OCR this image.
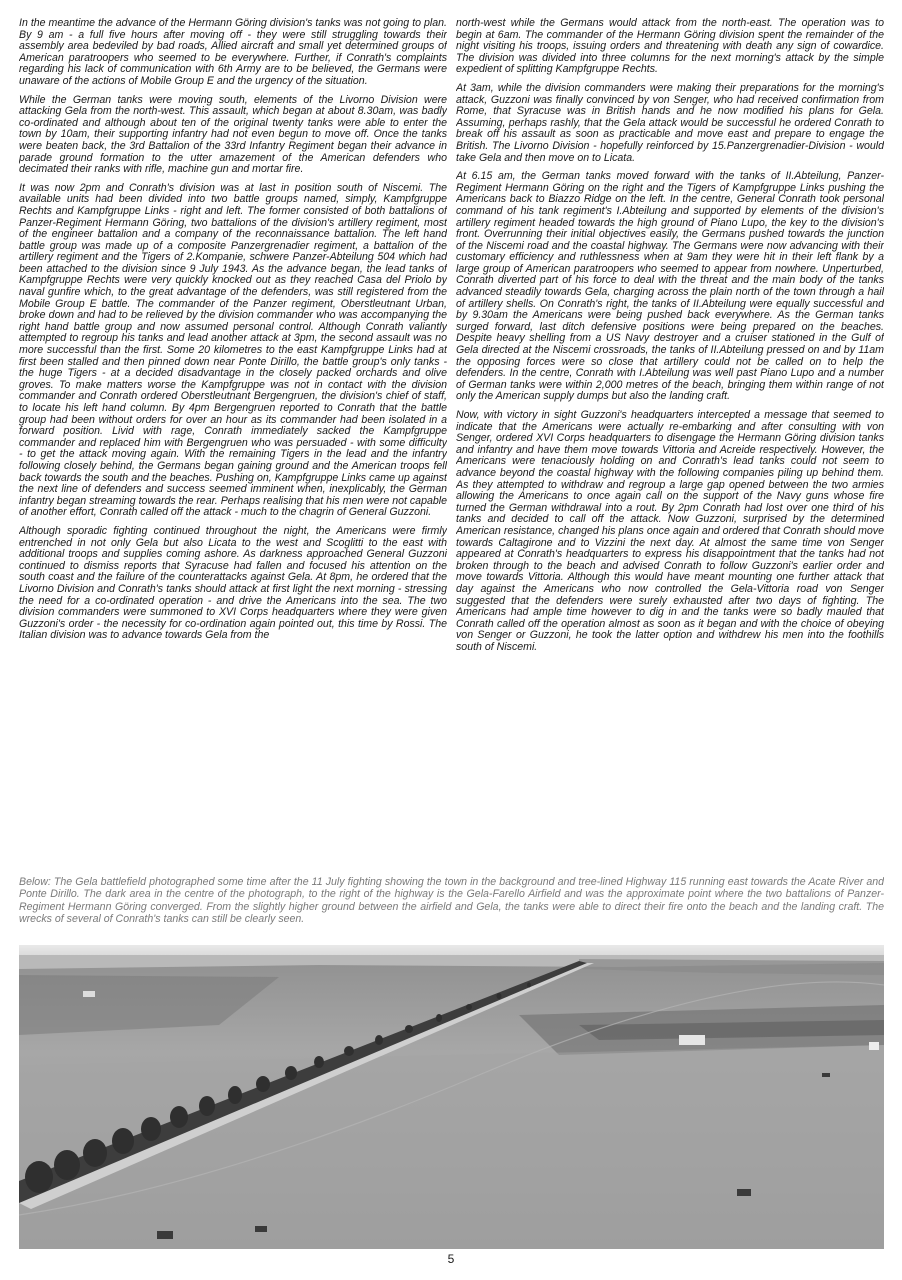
In the meantime the advance of the Hermann Göring division's tanks was not going to plan. By 9 am - a full five hours after moving off - they were still struggling towards their assembly area bedeviled by bad roads, Allied aircraft and small yet determined groups of American paratroopers who seemed to be everywhere. Further, if Conrath's complaints regarding his lack of communication with 6th Army are to be believed, the Germans were unaware of the actions of Mobile Group E and the urgency of the situation.

While the German tanks were moving south, elements of the Livorno Division were attacking Gela from the north-west. This assault, which began at about 8.30am, was badly co-ordinated and although about ten of the original twenty tanks were able to enter the town by 10am, their supporting infantry had not even begun to move off. Once the tanks were beaten back, the 3rd Battalion of the 33rd Infantry Regiment began their advance in parade ground formation to the utter amazement of the American defenders who decimated their ranks with rifle, machine gun and mortar fire.

It was now 2pm and Conrath's division was at last in position south of Niscemi. The available units had been divided into two battle groups named, simply, Kampfgruppe Rechts and Kampfgruppe Links - right and left. The former consisted of both battalions of Panzer-Regiment Hermann Göring, two battalions of the division's artillery regiment, most of the engineer battalion and a company of the reconnaissance battalion. The left hand battle group was made up of a composite Panzergrenadier regiment, a battalion of the artillery regiment and the Tigers of 2.Kompanie, schwere Panzer-Abteilung 504 which had been attached to the division since 9 July 1943. As the advance began, the lead tanks of Kampfgruppe Rechts were very quickly knocked out as they reached Casa del Priolo by naval gunfire which, to the great advantage of the defenders, was still registered from the Mobile Group E battle. The commander of the Panzer regiment, Oberstleutnant Urban, broke down and had to be relieved by the division commander who was accompanying the right hand battle group and now assumed personal control. Although Conrath valiantly attempted to regroup his tanks and lead another attack at 3pm, the second assault was no more successful than the first. Some 20 kilometres to the east Kampfgruppe Links had at first been stalled and then pinned down near Ponte Dirillo, the battle group's only tanks - the huge Tigers - at a decided disadvantage in the closely packed orchards and olive groves. To make matters worse the Kampfgruppe was not in contact with the division commander and Conrath ordered Oberstleutnant Bergengruen, the division's chief of staff, to locate his left hand column. By 4pm Bergengruen reported to Conrath that the battle group had been without orders for over an hour as its commander had been isolated in a forward position. Livid with rage, Conrath immediately sacked the Kampfgruppe commander and replaced him with Bergengruen who was persuaded - with some difficulty - to get the attack moving again. With the remaining Tigers in the lead and the infantry following closely behind, the Germans began gaining ground and the American troops fell back towards the south and the beaches. Pushing on, Kampfgruppe Links came up against the next line of defenders and success seemed imminent when, inexplicably, the German infantry began streaming towards the rear. Perhaps realising that his men were not capable of another effort, Conrath called off the attack - much to the chagrin of General Guzzoni.

Although sporadic fighting continued throughout the night, the Americans were firmly entrenched in not only Gela but also Licata to the west and Scoglitti to the east with additional troops and supplies coming ashore. As darkness approached General Guzzoni continued to dismiss reports that Syracuse had fallen and focused his attention on the south coast and the failure of the counterattacks against Gela. At 8pm, he ordered that the Livorno Division and Conrath's tanks should attack at first light the next morning - stressing the need for a co-ordinated operation - and drive the Americans into the sea. The two division commanders were summoned to XVI Corps headquarters where they were given Guzzoni's order - the necessity for co-ordination again pointed out, this time by Rossi. The Italian division was to advance towards Gela from the

north-west while the Germans would attack from the north-east. The operation was to begin at 6am. The commander of the Hermann Göring division spent the remainder of the night visiting his troops, issuing orders and threatening with death any sign of cowardice. The division was divided into three columns for the next morning's attack by the simple expedient of splitting Kampfgruppe Rechts.

At 3am, while the division commanders were making their preparations for the morning's attack, Guzzoni was finally convinced by von Senger, who had received confirmation from Rome, that Syracuse was in British hands and he now modified his plans for Gela. Assuming, perhaps rashly, that the Gela attack would be successful he ordered Conrath to break off his assault as soon as practicable and move east and prepare to engage the British. The Livorno Division - hopefully reinforced by 15.Panzergrenadier-Division - would take Gela and then move on to Licata.

At 6.15 am, the German tanks moved forward with the tanks of II.Abteilung, Panzer-Regiment Hermann Göring on the right and the Tigers of Kampfgruppe Links pushing the Americans back to Biazzo Ridge on the left. In the centre, General Conrath took personal command of his tank regiment's I.Abteilung and supported by elements of the division's artillery regiment headed towards the high ground of Piano Lupo, the key to the division's front. Overrunning their initial objectives easily, the Germans pushed towards the junction of the Niscemi road and the coastal highway. The Germans were now advancing with their customary efficiency and ruthlessness when at 9am they were hit in their left flank by a large group of American paratroopers who seemed to appear from nowhere. Unperturbed, Conrath diverted part of his force to deal with the threat and the main body of the tanks advanced steadily towards Gela, charging across the plain north of the town through a hail of artillery shells. On Conrath's right, the tanks of II.Abteilung were equally successful and by 9.30am the Americans were being pushed back everywhere. As the German tanks surged forward, last ditch defensive positions were being prepared on the beaches. Despite heavy shelling from a US Navy destroyer and a cruiser stationed in the Gulf of Gela directed at the Niscemi crossroads, the tanks of II.Abteilung pressed on and by 11am the opposing forces were so close that artillery could not be called on to help the defenders. In the centre, Conrath with I.Abteilung was well past Piano Lupo and a number of German tanks were within 2,000 metres of the beach, bringing them within range of not only the American supply dumps but also the landing craft.

Now, with victory in sight Guzzoni's headquarters intercepted a message that seemed to indicate that the Americans were actually re-embarking and after consulting with von Senger, ordered XVI Corps headquarters to disengage the Hermann Göring division tanks and infantry and have them move towards Vittoria and Acreide respectively. However, the Americans were tenaciously holding on and Conrath's lead tanks could not seem to advance beyond the coastal highway with the following companies piling up behind them. As they attempted to withdraw and regroup a large gap opened between the two armies allowing the Americans to once again call on the support of the Navy guns whose fire turned the German withdrawal into a rout. By 2pm Conrath had lost over one third of his tanks and decided to call off the attack. Now Guzzoni, surprised by the determined American resistance, changed his plans once again and ordered that Conrath should move towards Caltagirone and to Vizzini the next day. At almost the same time von Senger appeared at Conrath's headquarters to express his disappointment that the tanks had not broken through to the beach and advised Conrath to follow Guzzoni's earlier order and move towards Vittoria. Although this would have meant mounting one further attack that day against the Americans who now controlled the Gela-Vittoria road von Senger suggested that the defenders were surely exhausted after two days of fighting. The Americans had ample time however to dig in and the tanks were so badly mauled that Conrath called off the operation almost as soon as it began and with the choice of obeying von Senger or Guzzoni, he took the latter option and withdrew his men into the foothills south of Niscemi.

Below: The Gela battlefield photographed some time after the 11 July fighting showing the town in the background and tree-lined Highway 115 running east towards the Acate River and Ponte Dirillo. The dark area in the centre of the photograph, to the right of the highway is the Gela-Farello Airfield and was the approximate point where the two battalions of Panzer-Regiment Hermann Göring converged. From the slightly higher ground between the airfield and Gela, the tanks were able to direct their fire onto the beach and the landing craft. The wrecks of several of Conrath's tanks can still be clearly seen.

5
